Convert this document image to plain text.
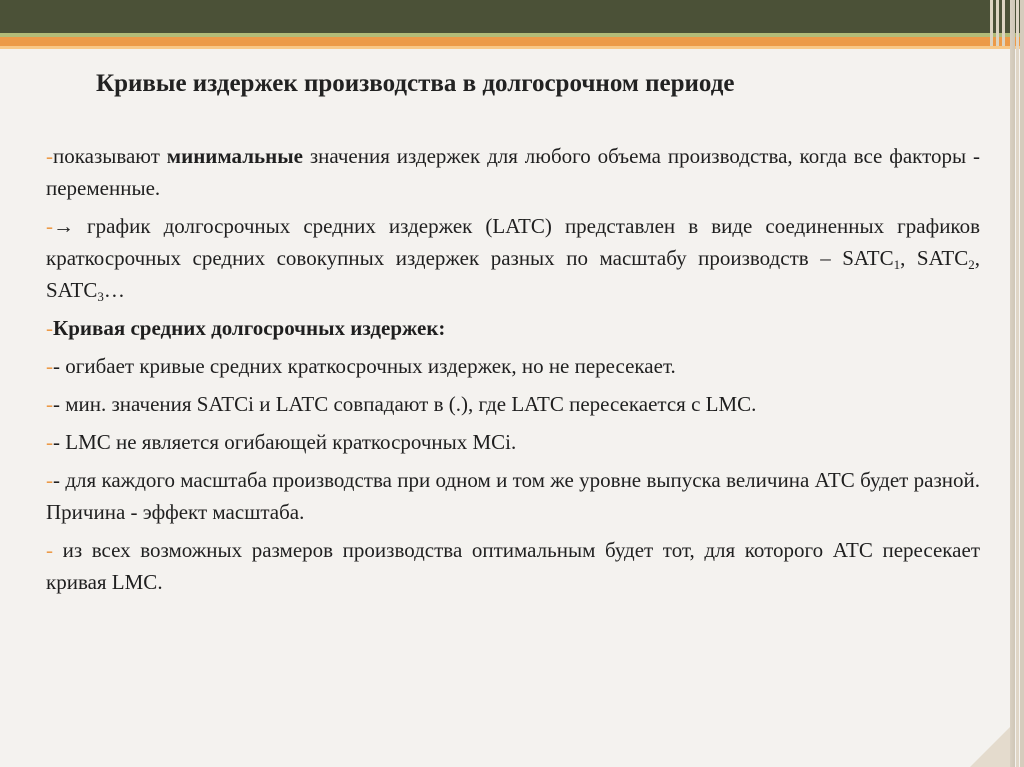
Кривые издержек производства в долгосрочном периоде

-показывают минимальные значения издержек для любого объема производства, когда все факторы - переменные.

-→ график долгосрочных средних издержек (LATC) представлен в виде соединенных графиков краткосрочных средних совокупных издержек разных по масштабу производств – $SATC_1$, $SATC_2$, $SATC_3\dots$

-Кривая средних долгосрочных издержек:

-- огибает кривые средних краткосрочных издержек, но не пересекает.

-- мин. значения SATCi и LATC совпадают в (.), где LATC пересекается с LMC.

-- LMC не является огибающей краткосрочных MCi.

-- для каждого масштаба производства при одном и том же уровне выпуска величина АТС будет разной. Причина - эффект масштаба.

- из всех возможных размеров производства оптимальным будет тот, для которого АТС пересекает кривая LMC.
